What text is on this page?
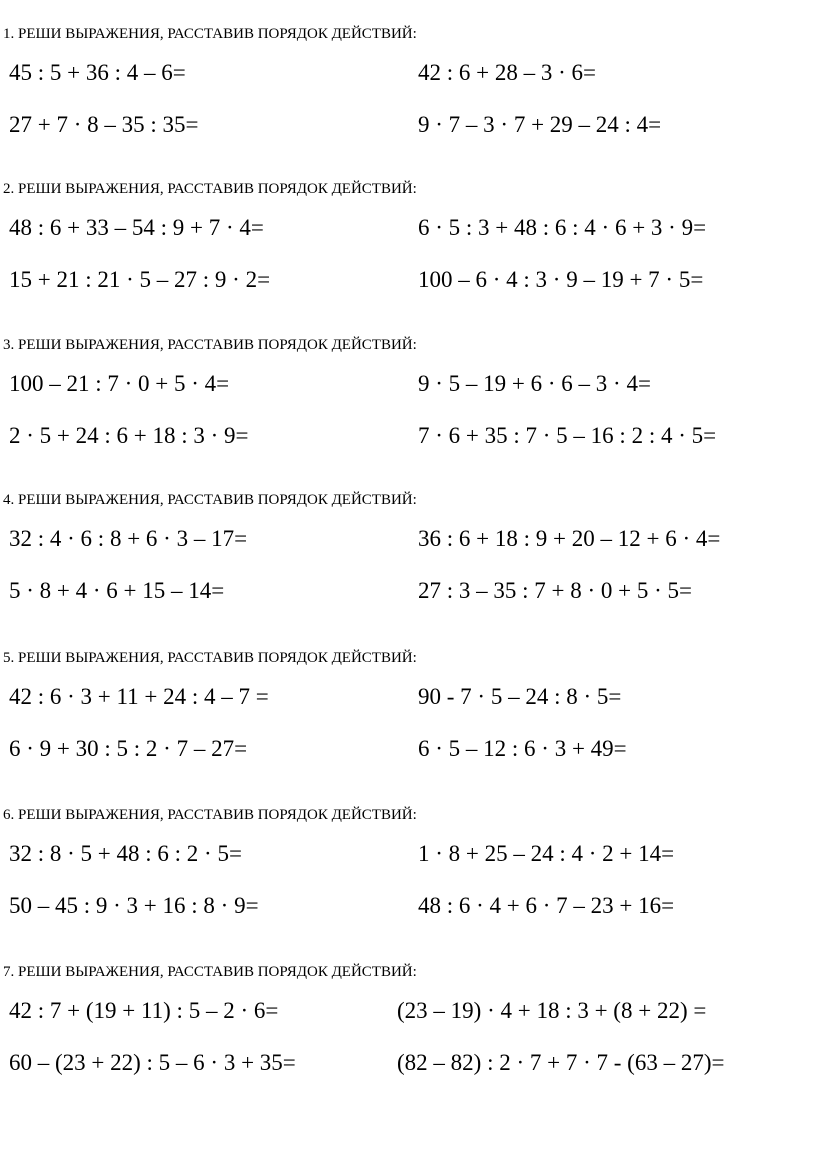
1. РЕШИ ВЫРАЖЕНИЯ, РАССТАВИВ ПОРЯДОК ДЕЙСТВИЙ:
45 : 5 + 36 : 4 – 6=	42 : 6 + 28 – 3 · 6=
27 + 7 · 8 – 35 : 35=	9 · 7 – 3 · 7 + 29 – 24 : 4=
2. РЕШИ ВЫРАЖЕНИЯ, РАССТАВИВ ПОРЯДОК ДЕЙСТВИЙ:
48 : 6 + 33 – 54 : 9 + 7 · 4=	6 · 5 : 3 + 48 : 6 : 4 · 6 + 3 · 9=
15 + 21 : 21 · 5 – 27 : 9 · 2=	100 – 6 · 4 : 3 · 9 – 19 + 7 · 5=
3. РЕШИ ВЫРАЖЕНИЯ, РАССТАВИВ ПОРЯДОК ДЕЙСТВИЙ:
100 – 21 : 7 · 0 + 5 · 4=	9 · 5 – 19 + 6 · 6 – 3 · 4=
2 · 5 + 24 : 6 + 18 : 3 · 9=	7 · 6 + 35 : 7 · 5 – 16 : 2 : 4 · 5=
4. РЕШИ ВЫРАЖЕНИЯ, РАССТАВИВ ПОРЯДОК ДЕЙСТВИЙ:
32 : 4 · 6 : 8 + 6 · 3 – 17=	36 : 6 + 18 : 9 + 20 – 12 + 6 · 4=
5 · 8 + 4 · 6 + 15 – 14=	27 : 3 – 35 : 7 + 8 · 0 + 5 · 5=
5. РЕШИ ВЫРАЖЕНИЯ, РАССТАВИВ ПОРЯДОК ДЕЙСТВИЙ:
42 : 6 · 3 + 11 + 24 : 4 – 7 =	90 - 7 · 5 – 24 : 8 · 5=
6 · 9 + 30 : 5 : 2 · 7 – 27=	6 · 5 – 12 : 6 · 3 + 49=
6. РЕШИ ВЫРАЖЕНИЯ, РАССТАВИВ ПОРЯДОК ДЕЙСТВИЙ:
32 : 8 · 5 + 48 : 6 : 2 · 5=	1 · 8 + 25 – 24 : 4 · 2 + 14=
50 – 45 : 9 · 3 + 16 : 8 · 9=	48 : 6 · 4 + 6 · 7 – 23 + 16=
7. РЕШИ ВЫРАЖЕНИЯ, РАССТАВИВ ПОРЯДОК ДЕЙСТВИЙ:
42 : 7 + (19 + 11) : 5 – 2 · 6=	(23 – 19) · 4 + 18 : 3 + (8 + 22) =
60 – (23 + 22) : 5 – 6 · 3 + 35=	(82 – 82) : 2 · 7 + 7 · 7 - (63 – 27)=
